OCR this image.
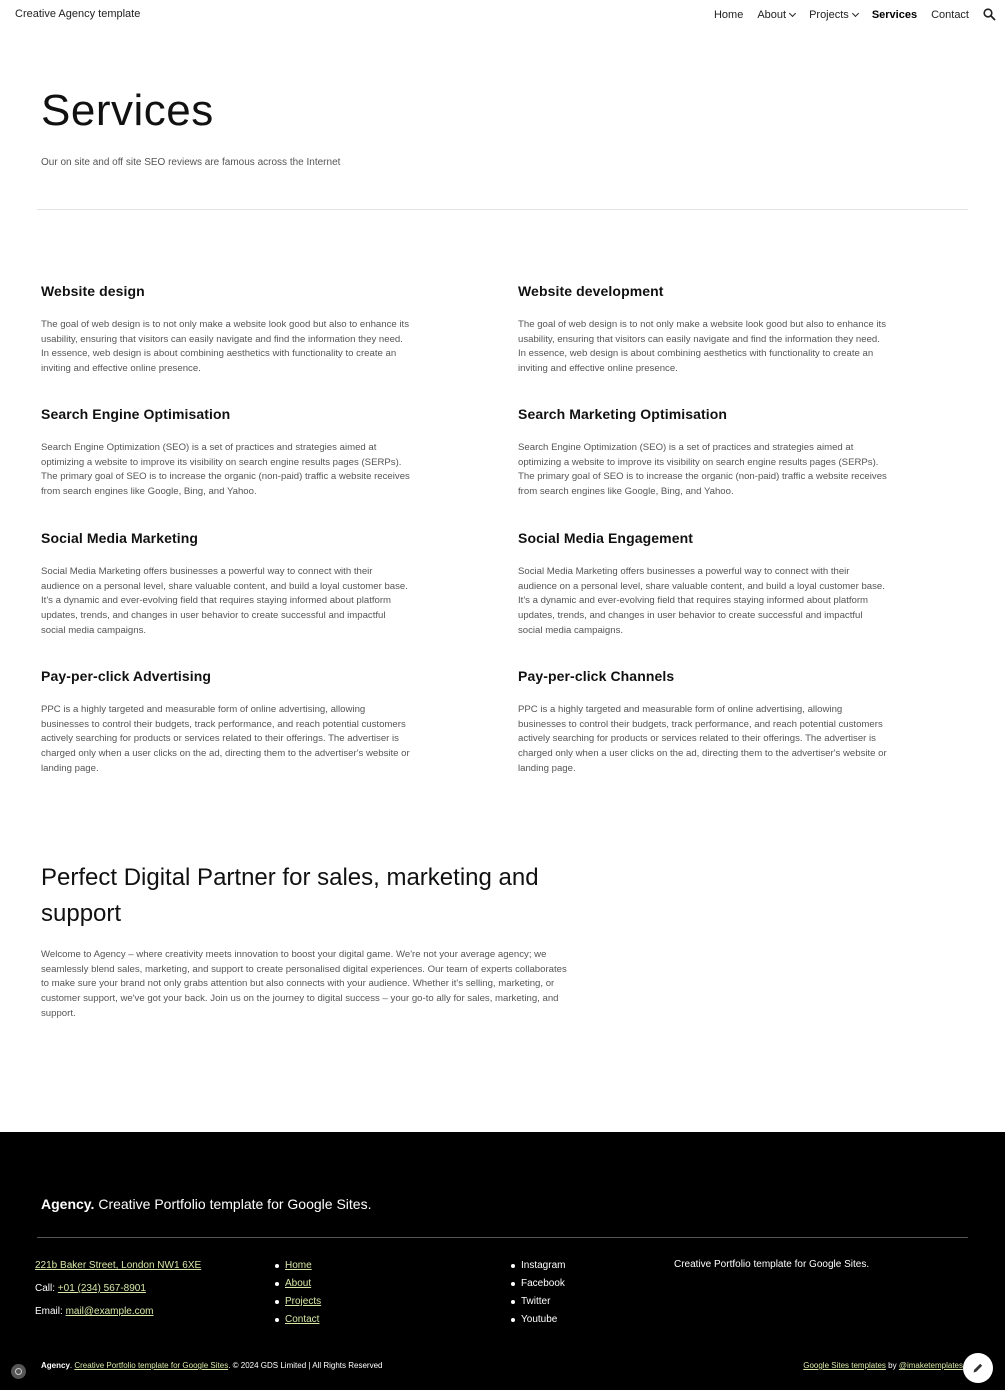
Creative Agency template	Home About Projects Services Contact
Services

Our on site and off site SEO reviews are famous across the Internet

Website design

The goal of web design is to not only make a website look good but also to enhance its usability, ensuring that visitors can easily navigate and find the information they need. In essence, web design is about combining aesthetics with functionality to create an inviting and effective online presence.

Website development

The goal of web design is to not only make a website look good but also to enhance its usability, ensuring that visitors can easily navigate and find the information they need. In essence, web design is about combining aesthetics with functionality to create an inviting and effective online presence.

Search Engine Optimisation

Search Engine Optimization (SEO) is a set of practices and strategies aimed at optimizing a website to improve its visibility on search engine results pages (SERPs). The primary goal of SEO is to increase the organic (non-paid) traffic a website receives from search engines like Google, Bing, and Yahoo.

Search Marketing Optimisation

Search Engine Optimization (SEO) is a set of practices and strategies aimed at optimizing a website to improve its visibility on search engine results pages (SERPs). The primary goal of SEO is to increase the organic (non-paid) traffic a website receives from search engines like Google, Bing, and Yahoo.

Social Media Marketing

Social Media Marketing offers businesses a powerful way to connect with their audience on a personal level, share valuable content, and build a loyal customer base. It's a dynamic and ever-evolving field that requires staying informed about platform updates, trends, and changes in user behavior to create successful and impactful social media campaigns.

Social Media Engagement

Social Media Marketing offers businesses a powerful way to connect with their audience on a personal level, share valuable content, and build a loyal customer base. It's a dynamic and ever-evolving field that requires staying informed about platform updates, trends, and changes in user behavior to create successful and impactful social media campaigns.

Pay-per-click Advertising

PPC is a highly targeted and measurable form of online advertising, allowing businesses to control their budgets, track performance, and reach potential customers actively searching for products or services related to their offerings. The advertiser is charged only when a user clicks on the ad, directing them to the advertiser's website or landing page.

Pay-per-click Channels

PPC is a highly targeted and measurable form of online advertising, allowing businesses to control their budgets, track performance, and reach potential customers actively searching for products or services related to their offerings. The advertiser is charged only when a user clicks on the ad, directing them to the advertiser's website or landing page.

Perfect Digital Partner for sales, marketing and support

Welcome to Agency – where creativity meets innovation to boost your digital game. We're not your average agency; we seamlessly blend sales, marketing, and support to create personalised digital experiences. Our team of experts collaborates to make sure your brand not only grabs attention but also connects with your audience. Whether it's selling, marketing, or customer support, we've got your back. Join us on the journey to digital success – your go-to ally for sales, marketing, and support.

Agency. Creative Portfolio template for Google Sites.
221b Baker Street, London NW1 6XE
Call: +01 (234) 567-8901
Email: mail@example.com
Home
About
Projects
Contact
Instagram
Facebook
Twitter
Youtube
Creative Portfolio template for Google Sites.
Agency. Creative Portfolio template for Google Sites. © 2024 GDS Limited | All Rights Reserved	Google Sites templates by @imaketemplates
